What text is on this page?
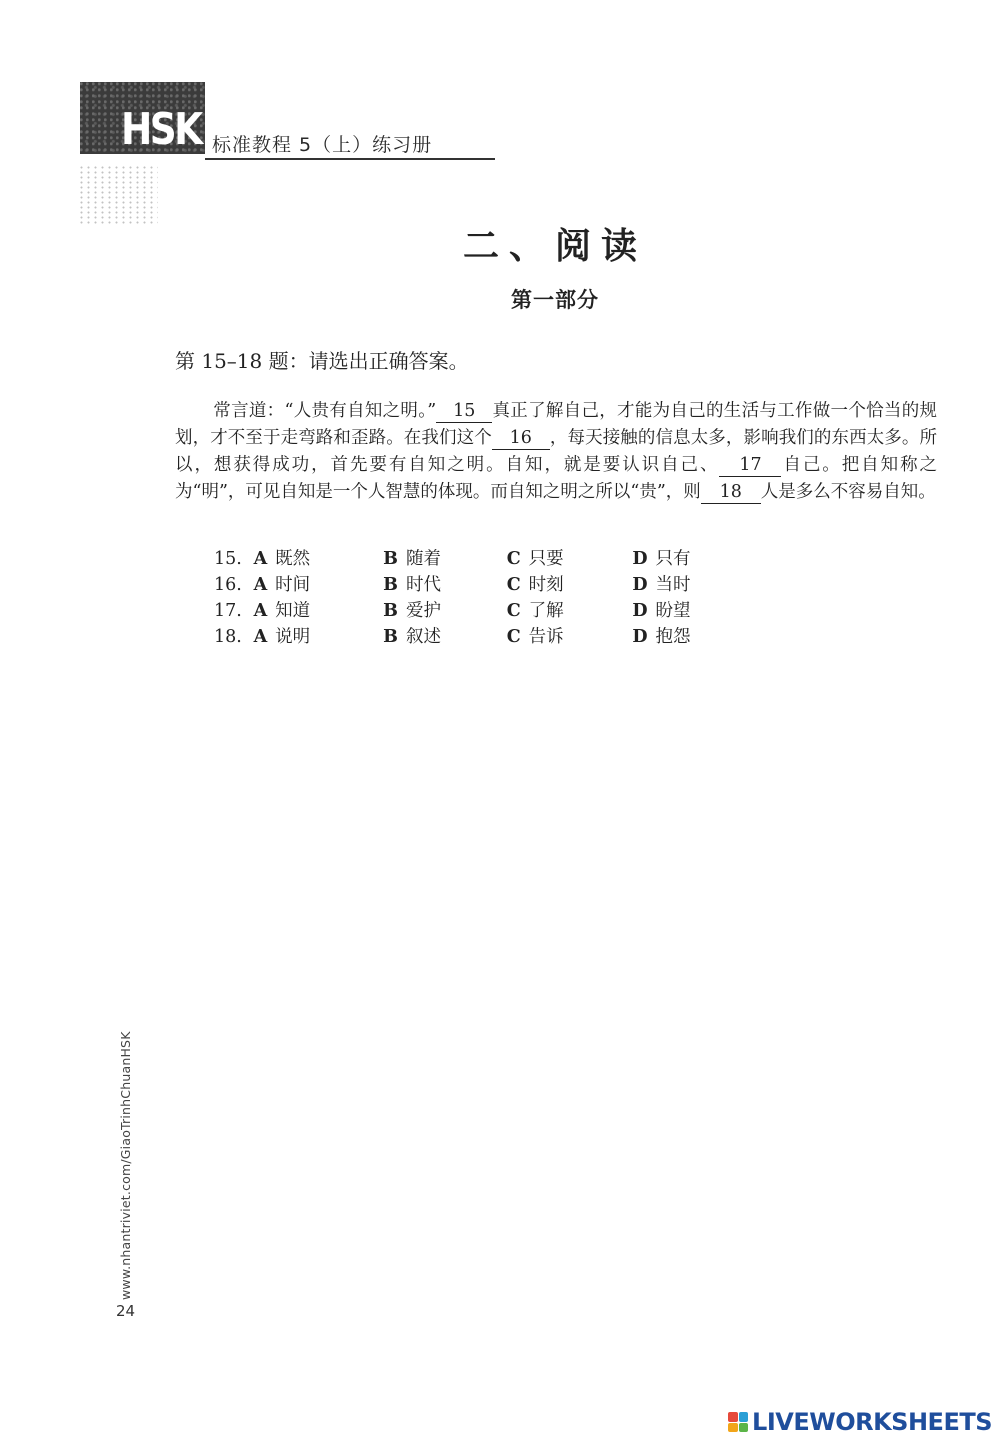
HSK 标准教程 5（上）练习册
二、阅读
第一部分
第 15–18 题：请选出正确答案。
常言道：“人贵有自知之明。” 15 真正了解自己，才能为自己的生活与工作做一个恰当的规划，才不至于走弯路和歪路。在我们这个 16 ，每天接触的信息太多，影响我们的东西太多。所以，想获得成功，首先要有自知之明。自知，就是要认识自己、 17 自己。把自知称之为“明”，可见自知是一个人智慧的体现。而自知之明之所以“贵”，则 18 人是多么不容易自知。
15. A 既然	B 随着	C 只要	D 只有
16. A 时间	B 时代	C 时刻	D 当时
17. A 知道	B 爱护	C 了解	D 盼望
18. A 说明	B 叙述	C 告诉	D 抱怨
www.nhantriviet.com/GiaoTrinhChuanHSK
24
LIVEWORKSHEETS
